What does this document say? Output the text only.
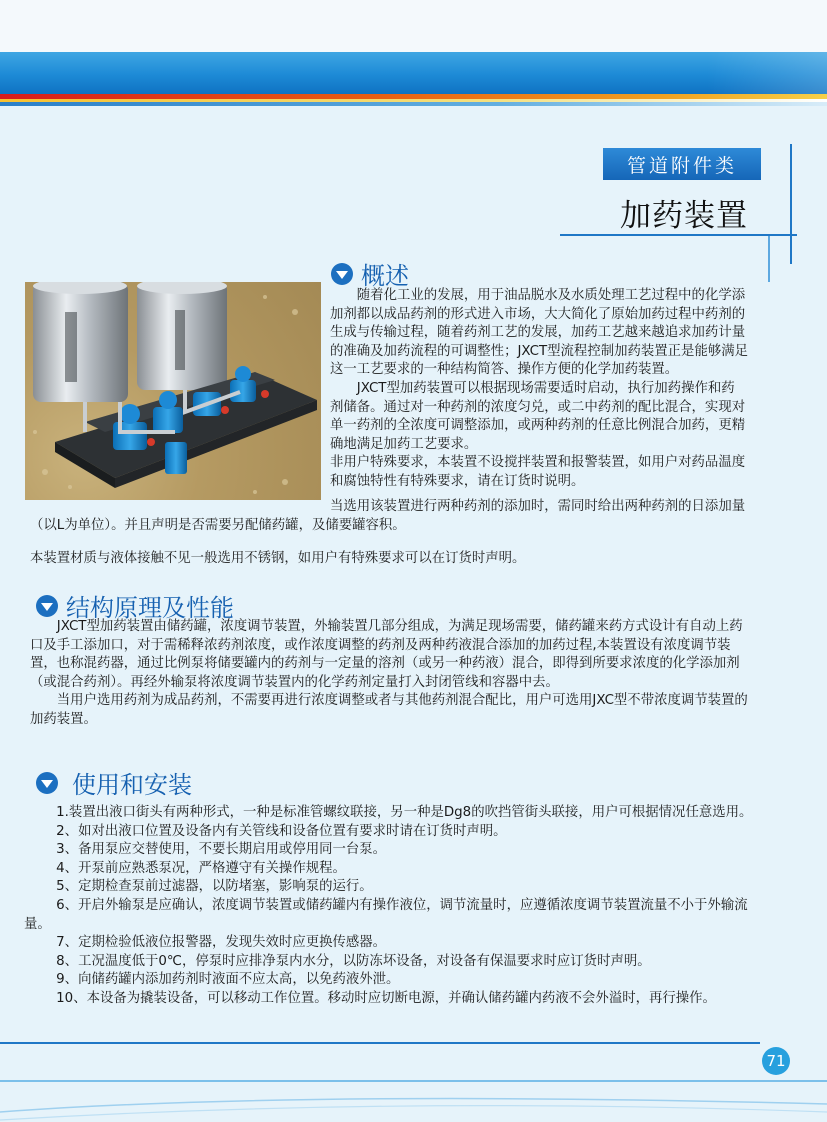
管道附件类
加药装置
概述

随着化工业的发展，用于油品脱水及水质处理工艺过程中的化学添加剂都以成品药剂的形式进入市场，大大简化了原始加药过程中药剂的生成与传输过程，随着药剂工艺的发展，加药工艺越来越追求加药计量的准确及加药流程的可调整性；JXCT型流程控制加药装置正是能够满足这一工艺要求的一种结构简答、操作方便的化学加药装置。

JXCT型加药装置可以根据现场需要适时启动，执行加药操作和药剂储备。通过对一种药剂的浓度匀兑，或二中药剂的配比混合，实现对单一药剂的全浓度可调整添加，或两种药剂的任意比例混合加药，更精确地满足加药工艺要求。

非用户特殊要求，本装置不设搅拌装置和报警装置，如用户对药品温度和腐蚀特性有特殊要求，请在订货时说明。

当选用该装置进行两种药剂的添加时，需同时给出两种药剂的日添加量（以L为单位）。并且声明是否需要另配储药罐，及储要罐容积。
本装置材质与液体接触不见一般选用不锈钢，如用户有特殊要求可以在订货时声明。
结构原理及性能

JXCT型加药装置由储药罐，浓度调节装置，外输装置几部分组成，为满足现场需要，储药罐来药方式设计有自动上药口及手工添加口，对于需稀释浓药剂浓度，或作浓度调整的药剂及两种药液混合添加的加药过程,本装置设有浓度调节装置，也称混药器，通过比例泵将储要罐内的药剂与一定量的溶剂（或另一种药液）混合，即得到所要求浓度的化学添加剂（或混合药剂）。再经外输泵将浓度调节装置内的化学药剂定量打入封闭管线和容器中去。

当用户选用药剂为成品药剂，不需要再进行浓度调整或者与其他药剂混合配比，用户可选用JXC型不带浓度调节装置的加药装置。

使用和安装

1.装置出液口街头有两种形式，一种是标准管螺纹联接，另一种是Dg8的吹挡管街头联接，用户可根据情况任意选用。

2、如对出液口位置及设备内有关管线和设备位置有要求时请在订货时声明。

3、备用泵应交替使用，不要长期启用或停用同一台泵。

4、开泵前应熟悉泵况，严格遵守有关操作规程。

5、定期检查泵前过滤器，以防堵塞，影响泵的运行。

6、开启外输泵是应确认，浓度调节装置或储药罐内有操作液位，调节流量时，应遵循浓度调节装置流量不小于外输流量。

7、定期检验低液位报警器，发现失效时应更换传感器。

8、工况温度低于0℃，停泵时应排净泵内水分，以防冻坏设备，对设备有保温要求时应订货时声明。

9、向储药罐内添加药剂时液面不应太高，以免药液外泄。

10、本设备为撬装设备，可以移动工作位置。移动时应切断电源，并确认储药罐内药液不会外溢时，再行操作。

71
